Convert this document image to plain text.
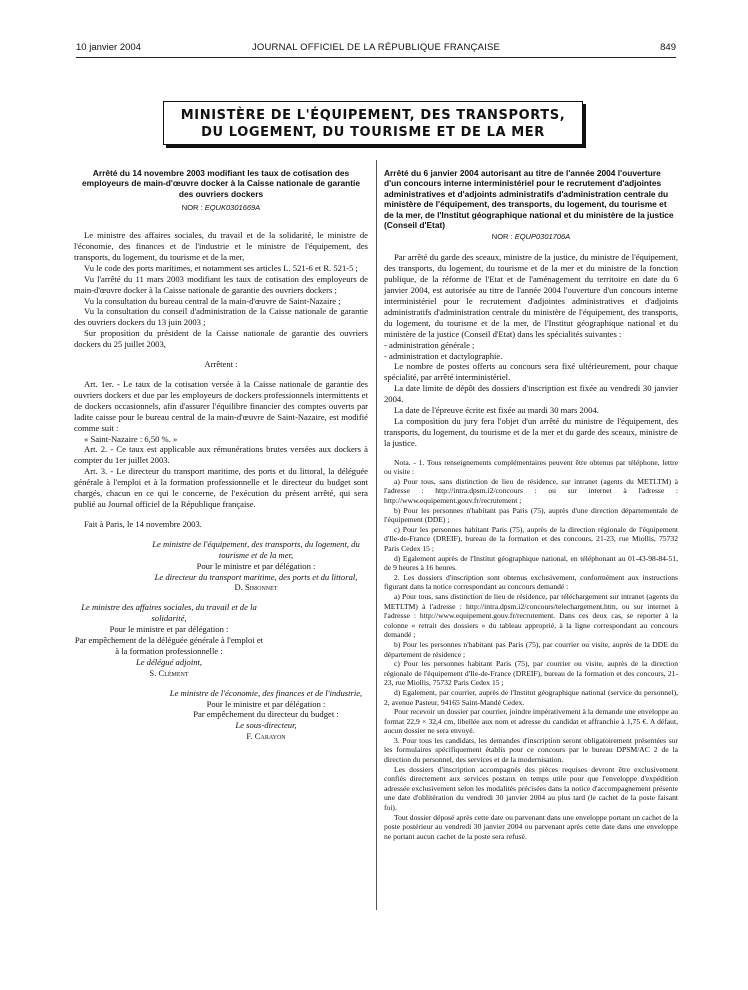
10 janvier 2004	JOURNAL OFFICIEL DE LA RÉPUBLIQUE FRANÇAISE	849
MINISTÈRE DE L'ÉQUIPEMENT, DES TRANSPORTS,
DU LOGEMENT, DU TOURISME ET DE LA MER
Arrêté du 14 novembre 2003 modifiant les taux de cotisation des employeurs de main-d'œuvre docker à la Caisse nationale de garantie des ouvriers dockers
NOR : EQUK0301669A

Le ministre des affaires sociales, du travail et de la solidarité, le ministre de l'économie, des finances et de l'industrie et le ministre de l'équipement, des transports, du logement, du tourisme et de la mer,

Vu le code des ports maritimes, et notamment ses articles L. 521-6 et R. 521-5 ;

Vu l'arrêté du 11 mars 2003 modifiant les taux de cotisation des employeurs de main-d'œuvre docker à la Caisse nationale de garantie des ouvriers dockers ;

Vu la consultation du bureau central de la main-d'œuvre de Saint-Nazaire ;

Vu la consultation du conseil d'administration de la Caisse nationale de garantie des ouvriers dockers du 13 juin 2003 ;

Sur proposition du président de la Caisse nationale de garantie des ouvriers dockers du 25 juillet 2003,

Arrêtent :

Art. 1er. - Le taux de la cotisation versée à la Caisse nationale de garantie des ouvriers dockers et due par les employeurs de dockers professionnels intermittents et de dockers occasionnels, afin d'assurer l'équilibre financier des comptes ouverts par ladite caisse pour le bureau central de la main-d'œuvre de Saint-Nazaire, est modifié comme suit :

« Saint-Nazaire : 6,50 %. »

Art. 2. - Ce taux est applicable aux rémunérations brutes versées aux dockers à compter du 1er juillet 2003.

Art. 3. - Le directeur du transport maritime, des ports et du littoral, la déléguée générale à l'emploi et à la formation professionnelle et le directeur du budget sont chargés, chacun en ce qui le concerne, de l'exécution du présent arrêté, qui sera publié au Journal officiel de la République française.

Fait à Paris, le 14 novembre 2003.

Le ministre de l'équipement, des transports, du logement, du tourisme et de la mer,
Pour le ministre et par délégation :
Le directeur du transport maritime, des ports et du littoral,
D. Simonnet
Le ministre des affaires sociales, du travail et de la solidarité,
Pour le ministre et par délégation :
Par empêchement de la déléguée générale à l'emploi et à la formation professionnelle :
Le délégué adjoint,
S. Clément
Le ministre de l'économie, des finances et de l'industrie,
Pour le ministre et par délégation :
Par empêchement du directeur du budget :
Le sous-directeur,
F. Carayon
Arrêté du 6 janvier 2004 autorisant au titre de l'année 2004 l'ouverture d'un concours interne interministériel pour le recrutement d'adjointes administratives et d'adjoints administratifs d'administration centrale du ministère de l'équipement, des transports, du logement, du tourisme et de la mer, de l'Institut géographique national et du ministère de la justice (Conseil d'Etat)
NOR : EQUP0301706A

Par arrêté du garde des sceaux, ministre de la justice, du ministre de l'équipement, des transports, du logement, du tourisme et de la mer et du ministre de la fonction publique, de la réforme de l'Etat et de l'aménagement du territoire en date du 6 janvier 2004, est autorisée au titre de l'année 2004 l'ouverture d'un concours interne interministériel pour le recrutement d'adjointes administratives et d'adjoints administratifs d'administration centrale du ministère de l'équipement, des transports, du logement, du tourisme et de la mer, de l'Institut géographique national et du ministère de la justice (Conseil d'Etat) dans les spécialités suivantes :

- administration générale ;

- administration et dactylographie.

Le nombre de postes offerts au concours sera fixé ultérieurement, pour chaque spécialité, par arrêté interministériel.

La date limite de dépôt des dossiers d'inscription est fixée au vendredi 30 janvier 2004.

La date de l'épreuve écrite est fixée au mardi 30 mars 2004.

La composition du jury fera l'objet d'un arrêté du ministre de l'équipement, des transports, du logement, du tourisme et de la mer et du garde des sceaux, ministre de la justice.

Nota. - 1. Tous renseignements complémentaires peuvent être obtenus par téléphone, lettre ou visite :

a) Pour tous, sans distinction de lieu de résidence, sur intranet (agents du METLTM) à l'adresse : http://intra.dpsm.i2/concours : ou sur internet à l'adresse : http://www.equipement.gouv.fr/recrutement ;

b) Pour les personnes n'habitant pas Paris (75), auprès d'une direction départementale de l'équipement (DDE) ;

c) Pour les personnes habitant Paris (75), auprès de la direction régionale de l'équipement d'Ile-de-France (DREIF), bureau de la formation et des concours, 21-23, rue Miollis, 75732 Paris Cedex 15 ;

d) Egalement auprès de l'Institut géographique national, en téléphonant au 01-43-98-84-51, de 9 heures à 16 heures.

2. Les dossiers d'inscription sont obtenus exclusivement, conformément aux instructions figurant dans la notice correspondant au concours demandé :

a) Pour tous, sans distinction de lieu de résidence, par téléchargement sur intranet (agents du METLTM) à l'adresse : http://intra.dpsm.i2/concours/telechargement.htm, ou sur internet à l'adresse : http://www.equipement.gouv.fr/recrutement. Dans ces deux cas, se reporter à la colonne « retrait des dossiers » du tableau approprié, à la ligne correspondant au concours demandé ;

b) Pour les personnes n'habitant pas Paris (75), par courrier ou visite, auprès de la DDE du département de résidence ;

c) Pour les personnes habitant Paris (75), par courrier ou visite, auprès de la direction régionale de l'équipement d'Ile-de-France (DREIF), bureau de la formation et des concours, 21-23, rue Miollis, 75732 Paris Cedex 15 ;

d) Egalement, par courrier, auprès de l'Institut géographique national (service du personnel), 2, avenue Pasteur, 94165 Saint-Mandé Cedex.

Pour recevoir un dossier par courrier, joindre impérativement à la demande une enveloppe au format 22,9 × 32,4 cm, libellée aux nom et adresse du candidat et affranchie à 1,75 €. A défaut, aucun dossier ne sera envoyé.

3. Pour tous les candidats, les demandes d'inscription seront obligatoirement présentées sur les formulaires spécifiquement établis pour ce concours par le bureau DPSM/AC 2 de la direction du personnel, des services et de la modernisation.

Les dossiers d'inscription accompagnés des pièces requises devront être exclusivement confiés directement aux services postaux en temps utile pour que l'enveloppe d'expédition adressée exclusivement selon les modalités précisées dans la notice d'accompagnement présente une date d'oblitération du vendredi 30 janvier 2004 au plus tard (le cachet de la poste faisant foi).

Tout dossier déposé après cette date ou parvenant dans une enveloppe portant un cachet de la poste postérieur au vendredi 30 janvier 2004 ou parvenant après cette date dans une enveloppe ne portant aucun cachet de la poste sera refusé.
